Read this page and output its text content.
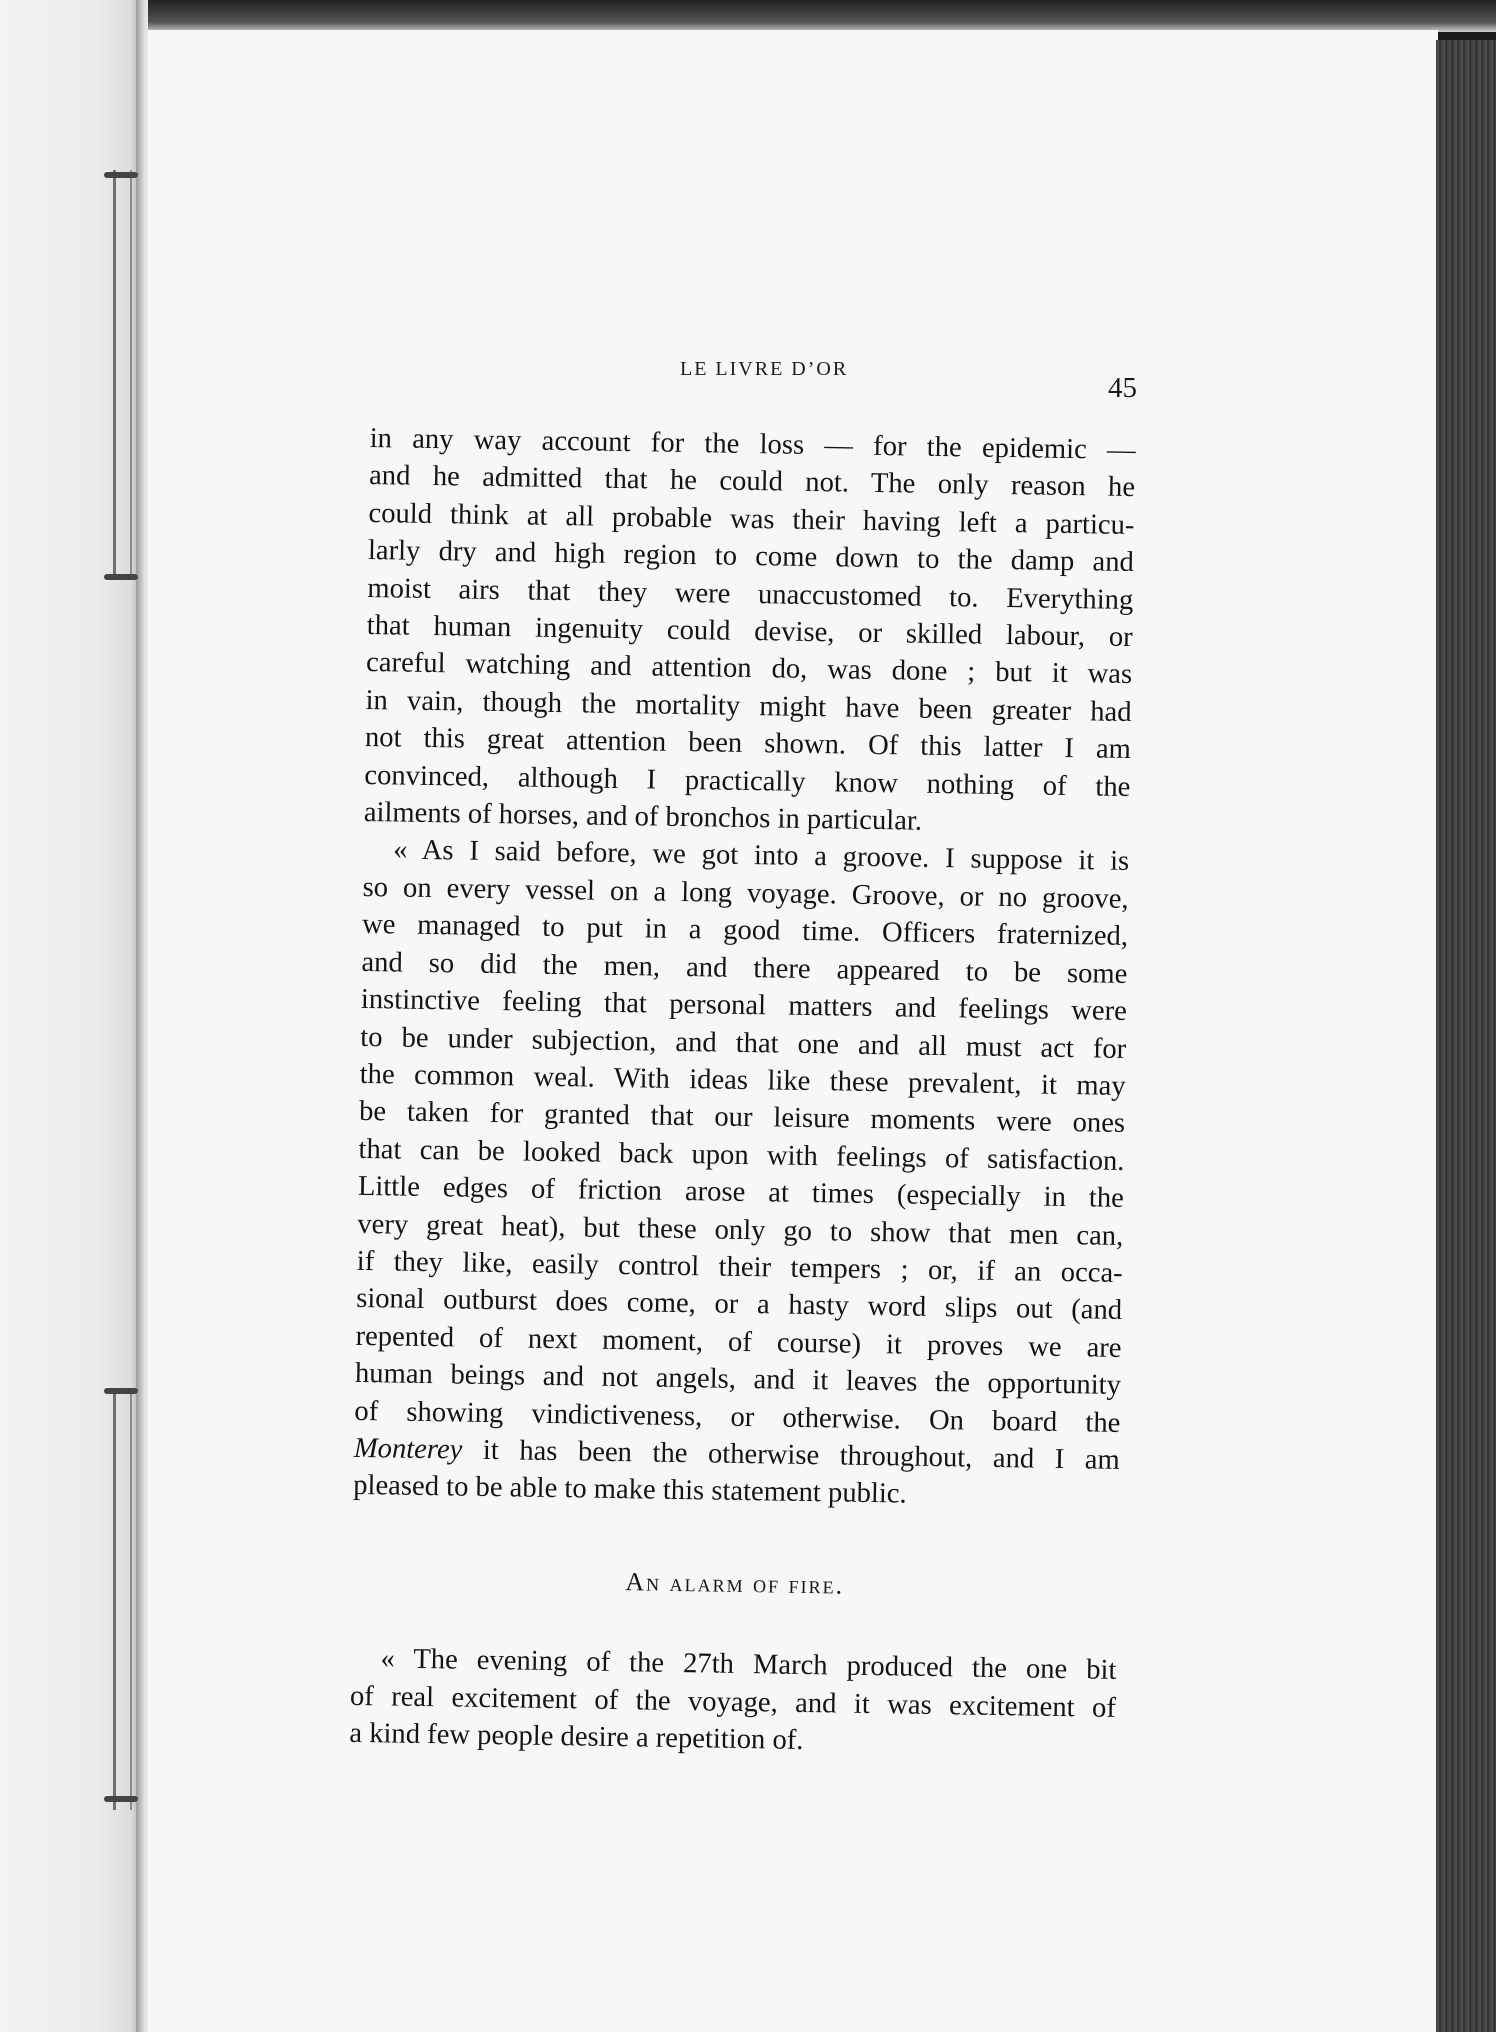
LE LIVRE D’OR
45
in any way account for the loss — for the epidemic —
and he admitted that he could not. The only reason he
could think at all probable was their having left a particu-
larly dry and high region to come down to the damp and
moist airs that they were unaccustomed to. Everything
that human ingenuity could devise, or skilled labour, or
careful watching and attention do, was done ; but it was
in vain, though the mortality might have been greater had
not this great attention been shown. Of this latter I am
convinced, although I practically know nothing of the
ailments of horses, and of bronchos in particular.
« As I said before, we got into a groove. I suppose it is
so on every vessel on a long voyage. Groove, or no groove,
we managed to put in a good time. Officers fraternized,
and so did the men, and there appeared to be some
instinctive feeling that personal matters and feelings were
to be under subjection, and that one and all must act for
the common weal. With ideas like these prevalent, it may
be taken for granted that our leisure moments were ones
that can be looked back upon with feelings of satisfaction.
Little edges of friction arose at times (especially in the
very great heat), but these only go to show that men can,
if they like, easily control their tempers ; or, if an occa-
sional outburst does come, or a hasty word slips out (and
repented of next moment, of course) it proves we are
human beings and not angels, and it leaves the opportunity
of showing vindictiveness, or otherwise. On board the
Monterey it has been the otherwise throughout, and I am
pleased to be able to make this statement public.
An alarm of fire.
« The evening of the 27th March produced the one bit
of real excitement of the voyage, and it was excitement of
a kind few people desire a repetition of.
